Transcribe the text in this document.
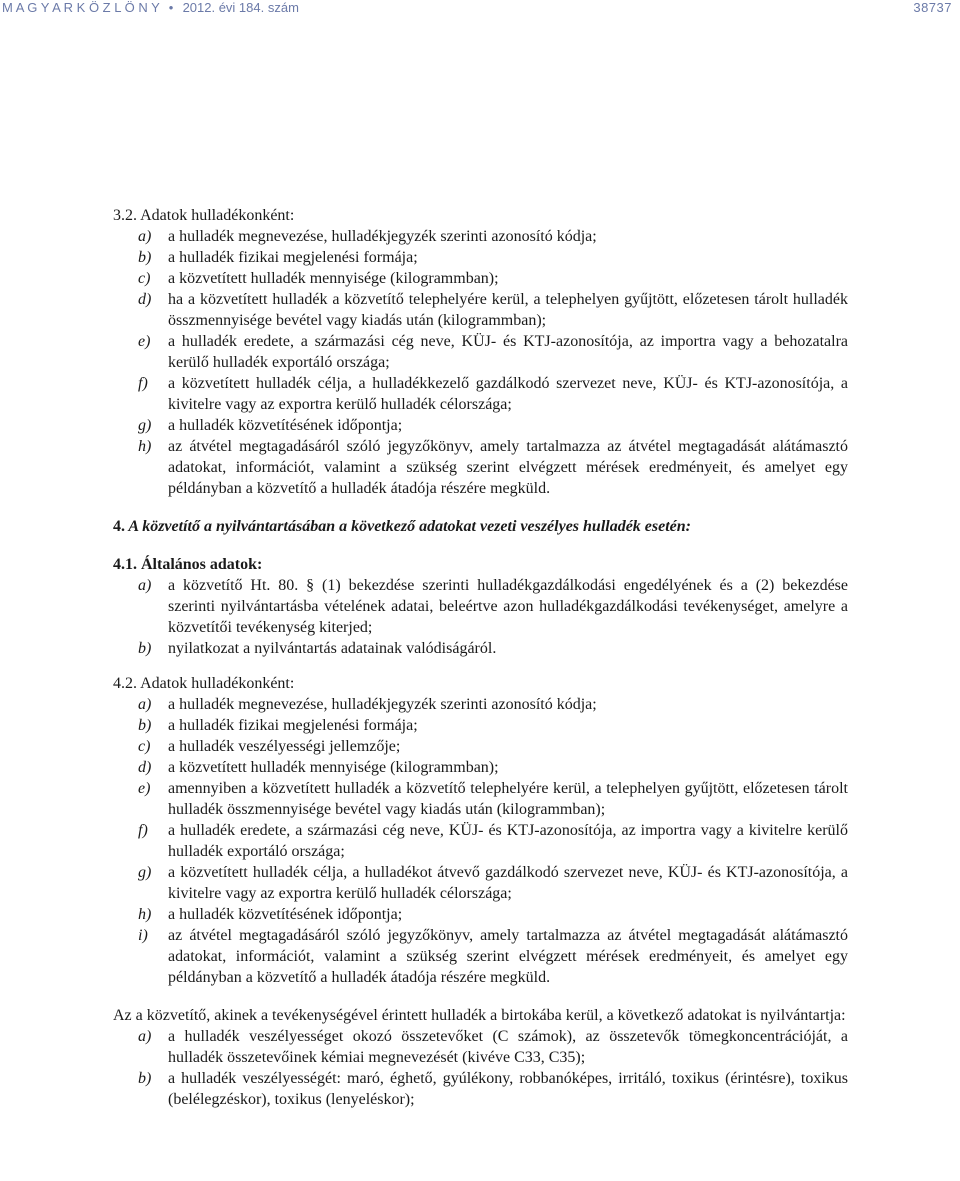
M A G Y A R K Ö Z L Ö N Y  •  2012. évi 184. szám	38737

3.2. Adatok hulladékonként:

a) a hulladék megnevezése, hulladékjegyzék szerinti azonosító kódja;

b) a hulladék fizikai megjelenési formája;

c) a közvetített hulladék mennyisége (kilogrammban);

d) ha a közvetített hulladék a közvetítő telephelyére kerül, a telephelyen gyűjtött, előzetesen tárolt hulladék összmennyisége bevétel vagy kiadás után (kilogrammban);

e) a hulladék eredete, a származási cég neve, KÜJ- és KTJ-azonosítója, az importra vagy a behozatalra kerülő hulladék exportáló országa;

f) a közvetített hulladék célja, a hulladékkezelő gazdálkodó szervezet neve, KÜJ- és KTJ-azonosítója, a kivitelre vagy az exportra kerülő hulladék célországa;

g) a hulladék közvetítésének időpontja;

h) az átvétel megtagadásáról szóló jegyzőkönyv, amely tartalmazza az átvétel megtagadását alátámasztó adatokat, információt, valamint a szükség szerint elvégzett mérések eredményeit, és amelyet egy példányban a közvetítő a hulladék átadója részére megküld.

4. A közvetítő a nyilvántartásában a következő adatokat vezeti veszélyes hulladék esetén:

4.1. Általános adatok:

a) a közvetítő Ht. 80. § (1) bekezdése szerinti hulladékgazdálkodási engedélyének és a (2) bekezdése szerinti nyilvántartásba vételének adatai, beleértve azon hulladékgazdálkodási tevékenységet, amelyre a közvetítői tevékenység kiterjed;

b) nyilatkozat a nyilvántartás adatainak valódiságáról.

4.2. Adatok hulladékonként:

a) a hulladék megnevezése, hulladékjegyzék szerinti azonosító kódja;

b) a hulladék fizikai megjelenési formája;

c) a hulladék veszélyességi jellemzője;

d) a közvetített hulladék mennyisége (kilogrammban);

e) amennyiben a közvetített hulladék a közvetítő telephelyére kerül, a telephelyen gyűjtött, előzetesen tárolt hulladék összmennyisége bevétel vagy kiadás után (kilogrammban);

f) a hulladék eredete, a származási cég neve, KÜJ- és KTJ-azonosítója, az importra vagy a kivitelre kerülő hulladék exportáló országa;

g) a közvetített hulladék célja, a hulladékot átvevő gazdálkodó szervezet neve, KÜJ- és KTJ-azonosítója, a kivitelre vagy az exportra kerülő hulladék célországa;

h) a hulladék közvetítésének időpontja;

i) az átvétel megtagadásáról szóló jegyzőkönyv, amely tartalmazza az átvétel megtagadását alátámasztó adatokat, információt, valamint a szükség szerint elvégzett mérések eredményeit, és amelyet egy példányban a közvetítő a hulladék átadója részére megküld.

Az a közvetítő, akinek a tevékenységével érintett hulladék a birtokába kerül, a következő adatokat is nyilvántartja:

a) a hulladék veszélyességet okozó összetevőket (C számok), az összetevők tömegkoncentrációját, a hulladék összetevőinek kémiai megnevezését (kivéve C33, C35);

b) a hulladék veszélyességét: maró, éghető, gyúlékony, robbanóképes, irritáló, toxikus (érintésre), toxikus (belélegzéskor), toxikus (lenyeléskor);
